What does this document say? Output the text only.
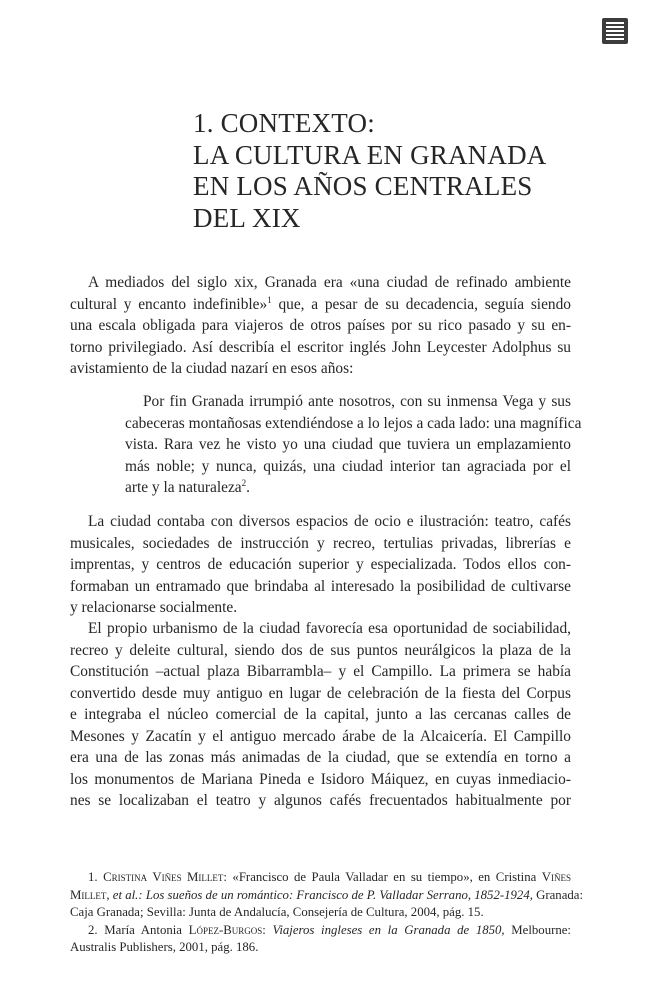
1. CONTEXTO:
LA CULTURA EN GRANADA
EN LOS AÑOS CENTRALES
DEL XIX
A mediados del siglo xix, Granada era «una ciudad de refinado ambiente
cultural y encanto indefinible»$^1$ que, a pesar de su decadencia, seguía siendo
una escala obligada para viajeros de otros países por su rico pasado y su en-
torno privilegiado. Así describía el escritor inglés John Leycester Adolphus su
avistamiento de la ciudad nazarí en esos años:
Por fin Granada irrumpió ante nosotros, con su inmensa Vega y sus
cabeceras montañosas extendiéndose a lo lejos a cada lado: una magnífica
vista. Rara vez he visto yo una ciudad que tuviera un emplazamiento
más noble; y nunca, quizás, una ciudad interior tan agraciada por el
arte y la naturaleza$^2$.
La ciudad contaba con diversos espacios de ocio e ilustración: teatro, cafés
musicales, sociedades de instrucción y recreo, tertulias privadas, librerías e
imprentas, y centros de educación superior y especializada. Todos ellos con-
formaban un entramado que brindaba al interesado la posibilidad de cultivarse
y relacionarse socialmente.
El propio urbanismo de la ciudad favorecía esa oportunidad de sociabilidad,
recreo y deleite cultural, siendo dos de sus puntos neurálgicos la plaza de la
Constitución –actual plaza Bibarrambla– y el Campillo. La primera se había
convertido desde muy antiguo en lugar de celebración de la fiesta del Corpus
e integraba el núcleo comercial de la capital, junto a las cercanas calles de
Mesones y Zacatín y el antiguo mercado árabe de la Alcaicería. El Campillo
era una de las zonas más animadas de la ciudad, que se extendía en torno a
los monumentos de Mariana Pineda e Isidoro Máiquez, en cuyas inmediacio-
nes se localizaban el teatro y algunos cafés frecuentados habitualmente por
1. Cristina Viñes Millet: «Francisco de Paula Valladar en su tiempo», en Cristina Viñes
Millet, et al.: Los sueños de un romántico: Francisco de P. Valladar Serrano, 1852-1924, Granada:
Caja Granada; Sevilla: Junta de Andalucía, Consejería de Cultura, 2004, pág. 15.
2. María Antonia López-Burgos: Viajeros ingleses en la Granada de 1850, Melbourne:
Australis Publishers, 2001, pág. 186.
